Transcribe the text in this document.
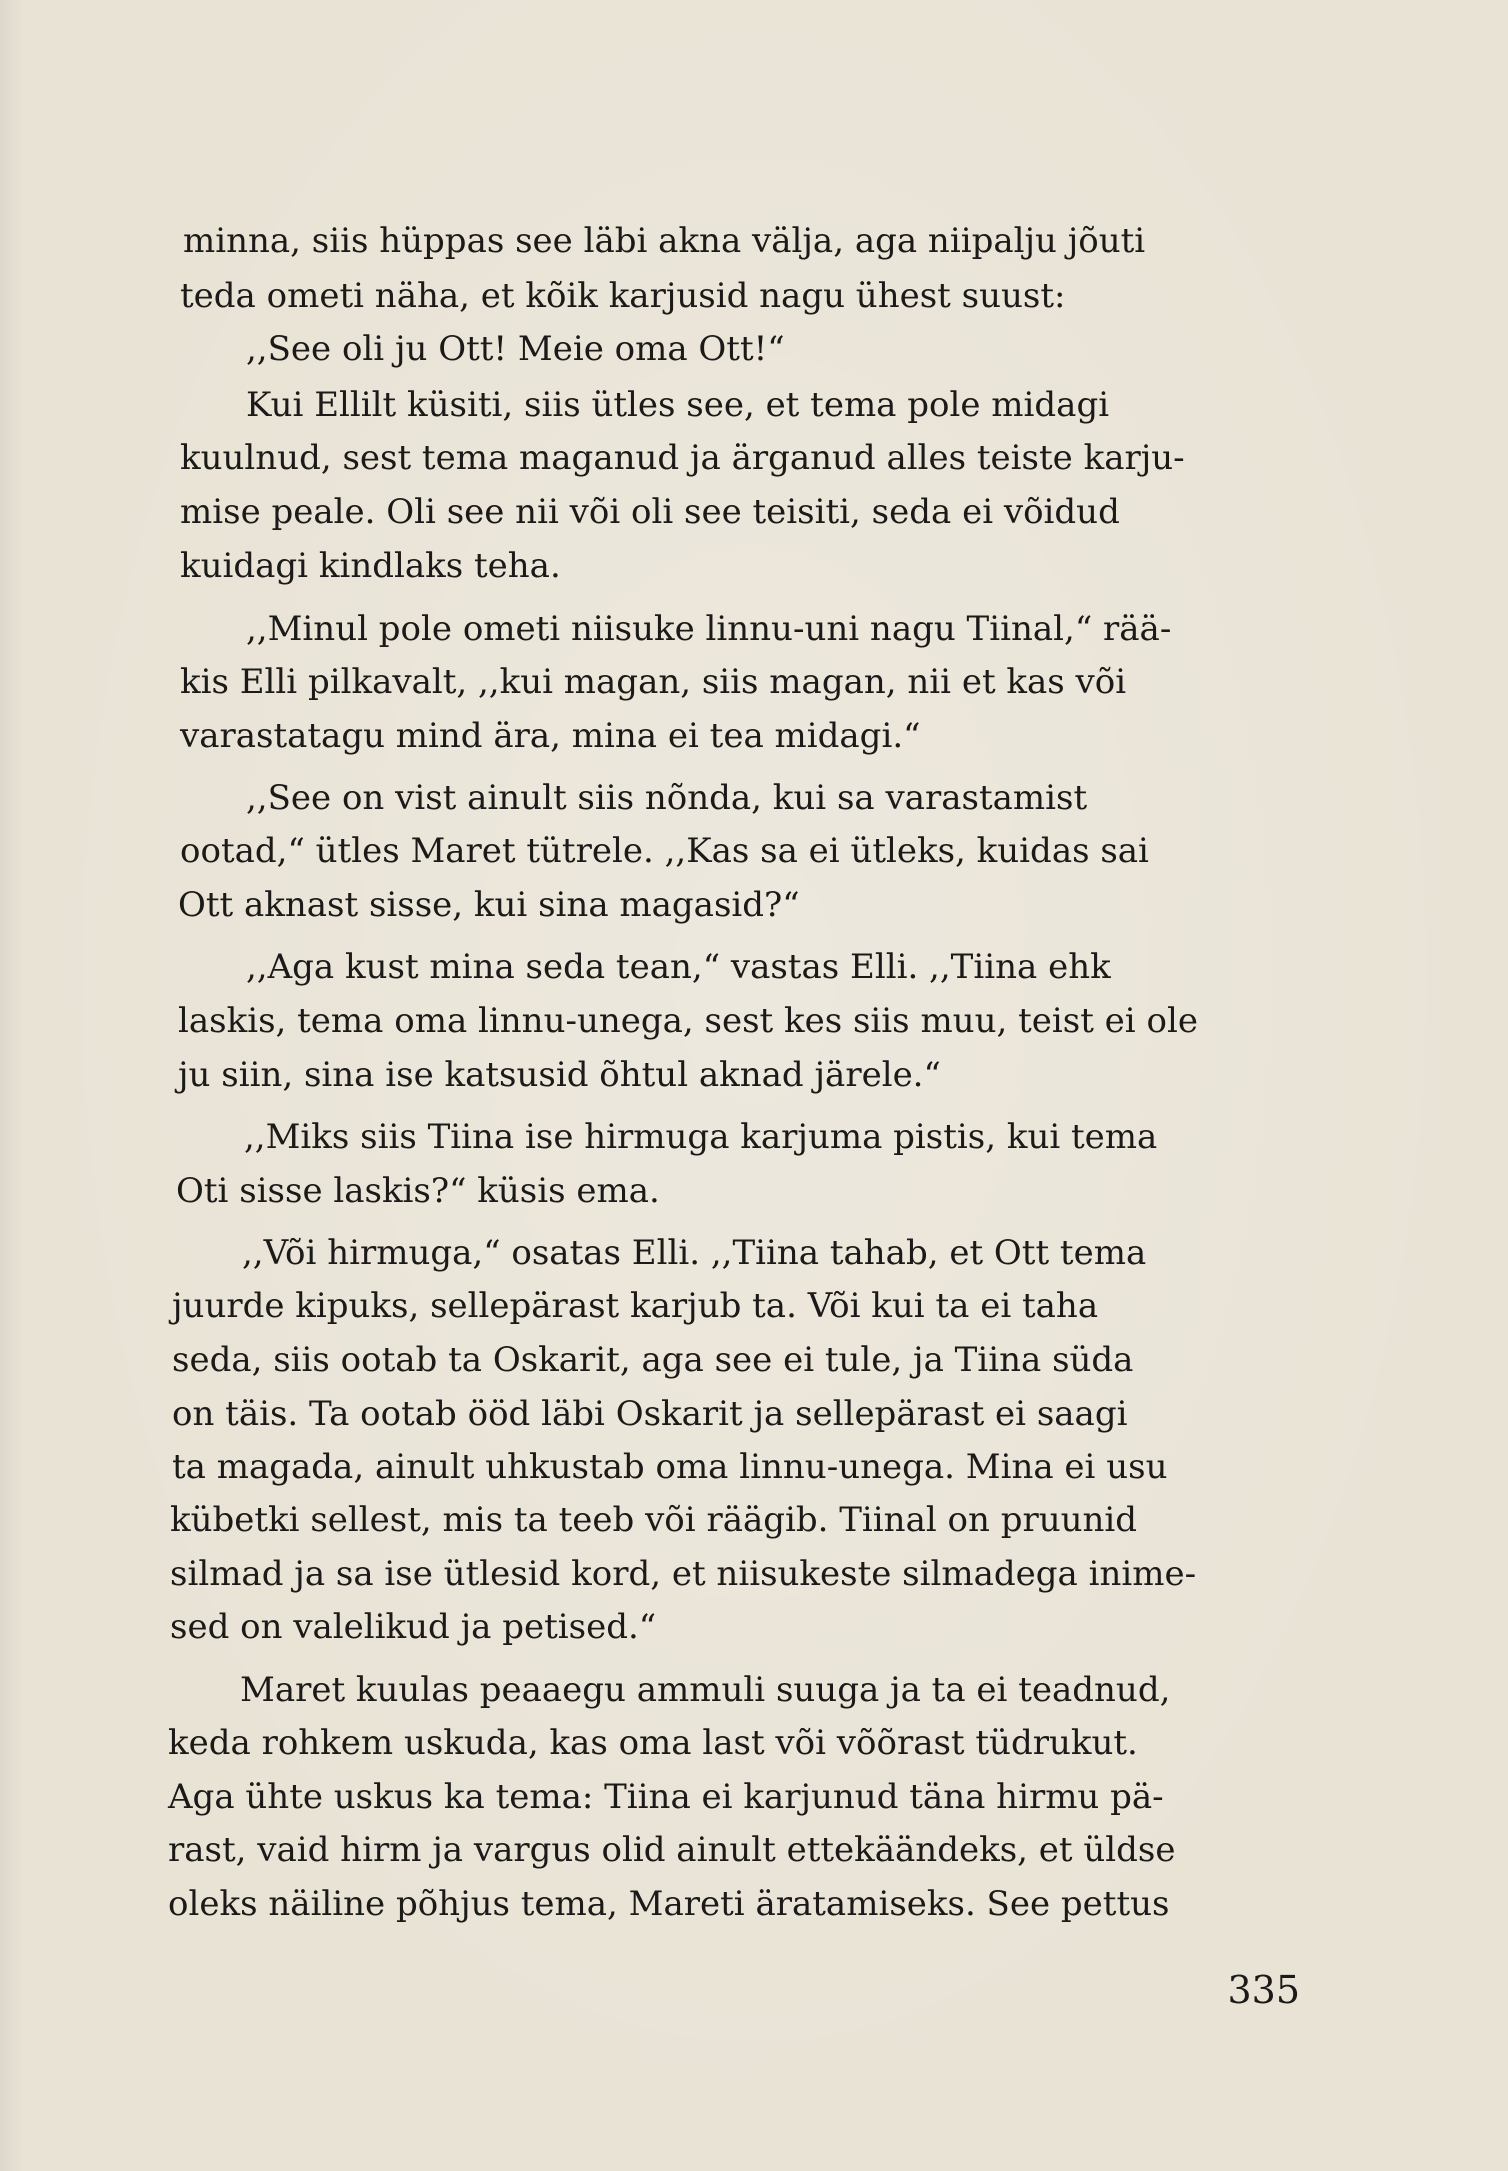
minna, siis hüppas see läbi akna välja, aga niipalju jõuti

teda ometi näha, et kõik karjusid nagu ühest suust:

,,See oli ju Ott! Meie oma Ott!“

Kui Ellilt küsiti, siis ütles see, et tema pole midagi

kuulnud, sest tema maganud ja ärganud alles teiste karju-

mise peale. Oli see nii või oli see teisiti, seda ei võidud

kuidagi kindlaks teha.

,,Minul pole ometi niisuke linnu-uni nagu Tiinal,“ rää-

kis Elli pilkavalt, ,,kui magan, siis magan, nii et kas või

varastatagu mind ära, mina ei tea midagi.“

,,See on vist ainult siis nõnda, kui sa varastamist

ootad,“ ütles Maret tütrele. ,,Kas sa ei ütleks, kuidas sai

Ott aknast sisse, kui sina magasid?“

,,Aga kust mina seda tean,“ vastas Elli. ,,Tiina ehk

laskis, tema oma linnu-unega, sest kes siis muu, teist ei ole

ju siin, sina ise katsusid õhtul aknad järele.“

,,Miks siis Tiina ise hirmuga karjuma pistis, kui tema

Oti sisse laskis?“ küsis ema.

,,Või hirmuga,“ osatas Elli. ,,Tiina tahab, et Ott tema

juurde kipuks, sellepärast karjub ta. Või kui ta ei taha

seda, siis ootab ta Oskarit, aga see ei tule, ja Tiina süda

on täis. Ta ootab ööd läbi Oskarit ja sellepärast ei saagi

ta magada, ainult uhkustab oma linnu-unega. Mina ei usu

kübetki sellest, mis ta teeb või räägib. Tiinal on pruunid

silmad ja sa ise ütlesid kord, et niisukeste silmadega inime-

sed on valelikud ja petised.“

Maret kuulas peaaegu ammuli suuga ja ta ei teadnud,

keda rohkem uskuda, kas oma last või võõrast tüdrukut.

Aga ühte uskus ka tema: Tiina ei karjunud täna hirmu pä-

rast, vaid hirm ja vargus olid ainult ettekäändeks, et üldse

oleks näiline põhjus tema, Mareti äratamiseks. See pettus

335
